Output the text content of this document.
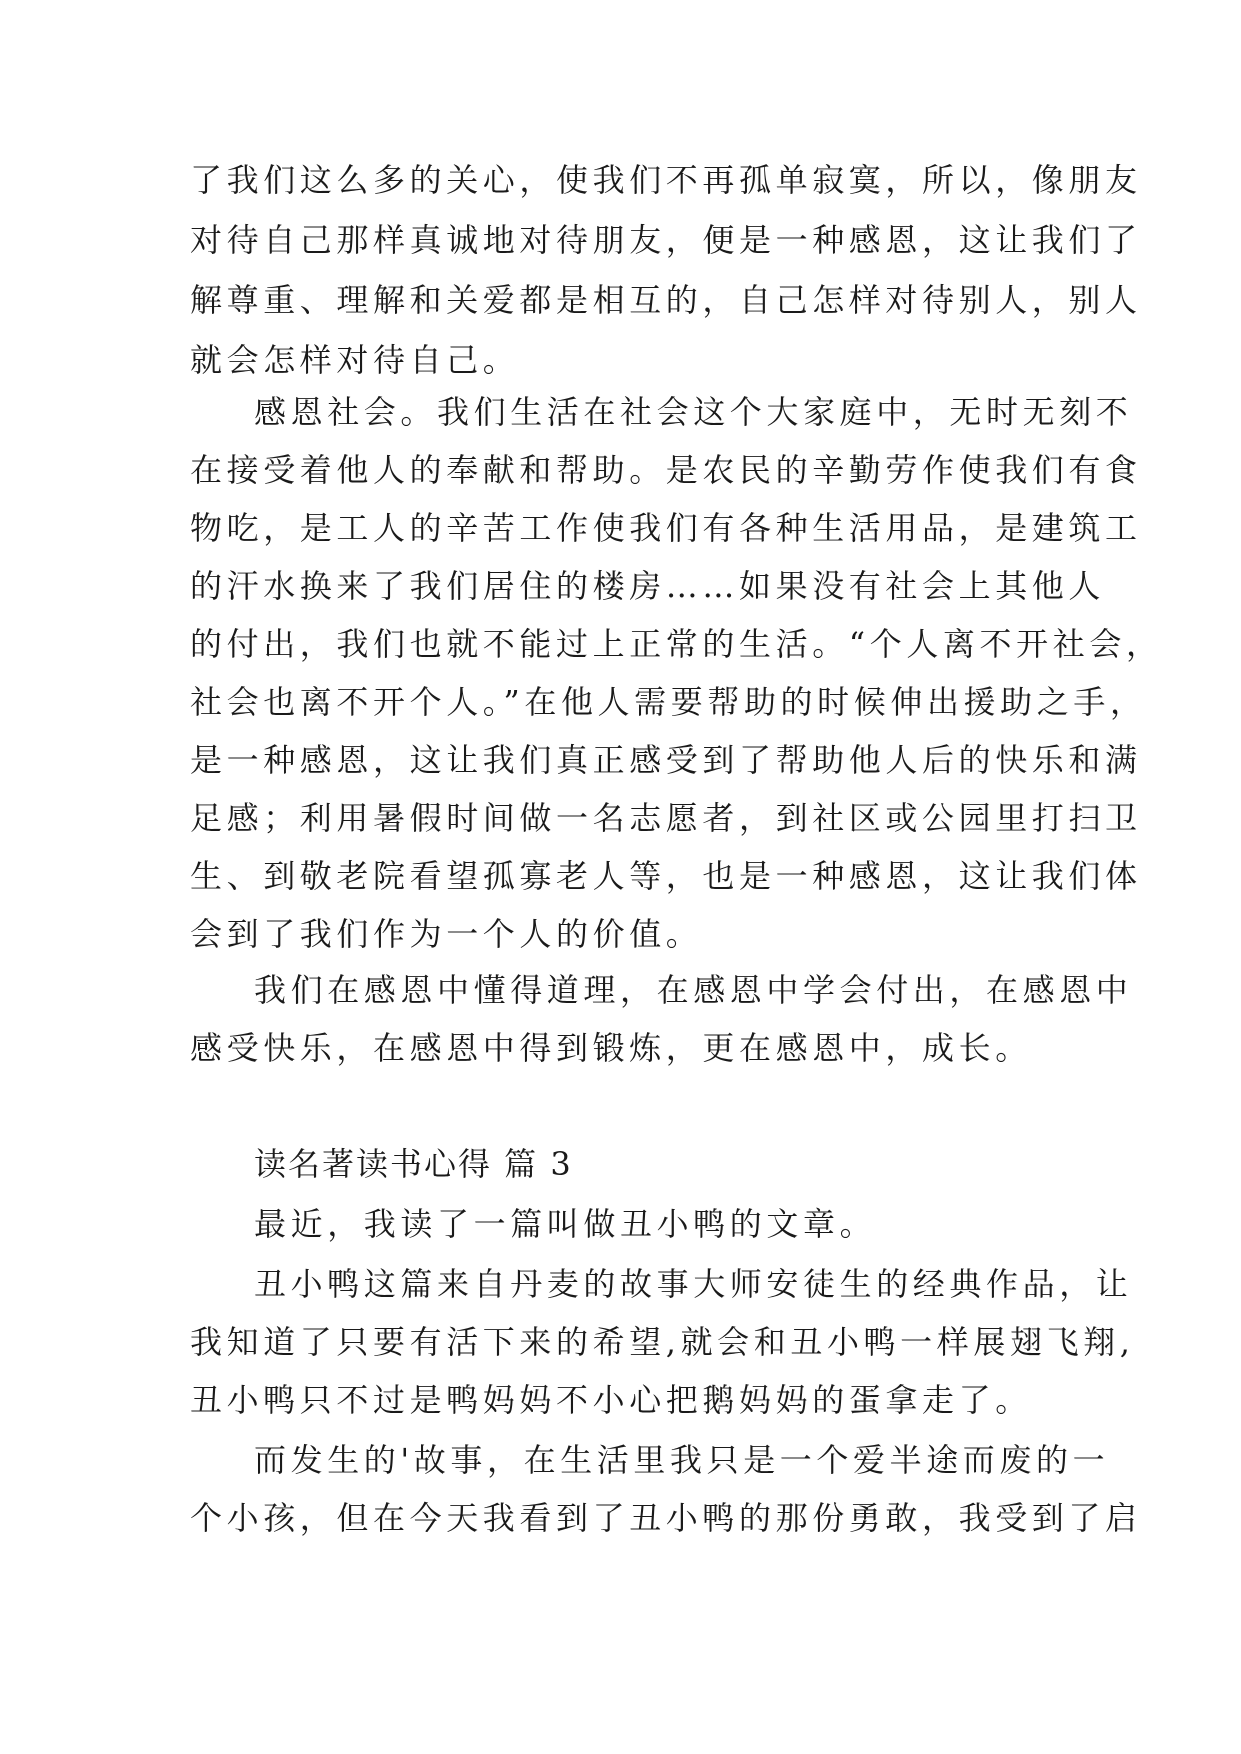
了我们这么多的关心，使我们不再孤单寂寞，所以，像朋友
对待自己那样真诚地对待朋友，便是一种感恩，这让我们了
解尊重、理解和关爱都是相互的，自己怎样对待别人，别人
就会怎样对待自己。
感恩社会。我们生活在社会这个大家庭中，无时无刻不
在接受着他人的奉献和帮助。是农民的辛勤劳作使我们有食
物吃，是工人的辛苦工作使我们有各种生活用品，是建筑工
的汗水换来了我们居住的楼房……如果没有社会上其他人
的付出，我们也就不能过上正常的生活。“个人离不开社会，
社会也离不开个人。”在他人需要帮助的时候伸出援助之手，
是一种感恩，这让我们真正感受到了帮助他人后的快乐和满
足感；利用暑假时间做一名志愿者，到社区或公园里打扫卫
生、到敬老院看望孤寡老人等，也是一种感恩，这让我们体
会到了我们作为一个人的价值。
我们在感恩中懂得道理，在感恩中学会付出，在感恩中
感受快乐，在感恩中得到锻炼，更在感恩中，成长。
读名著读书心得 篇 3
最近，我读了一篇叫做丑小鸭的文章。
丑小鸭这篇来自丹麦的故事大师安徒生的经典作品，让
我知道了只要有活下来的希望,就会和丑小鸭一样展翅飞翔,
丑小鸭只不过是鸭妈妈不小心把鹅妈妈的蛋拿走了。
而发生的'故事，在生活里我只是一个爱半途而废的一
个小孩，但在今天我看到了丑小鸭的那份勇敢，我受到了启
